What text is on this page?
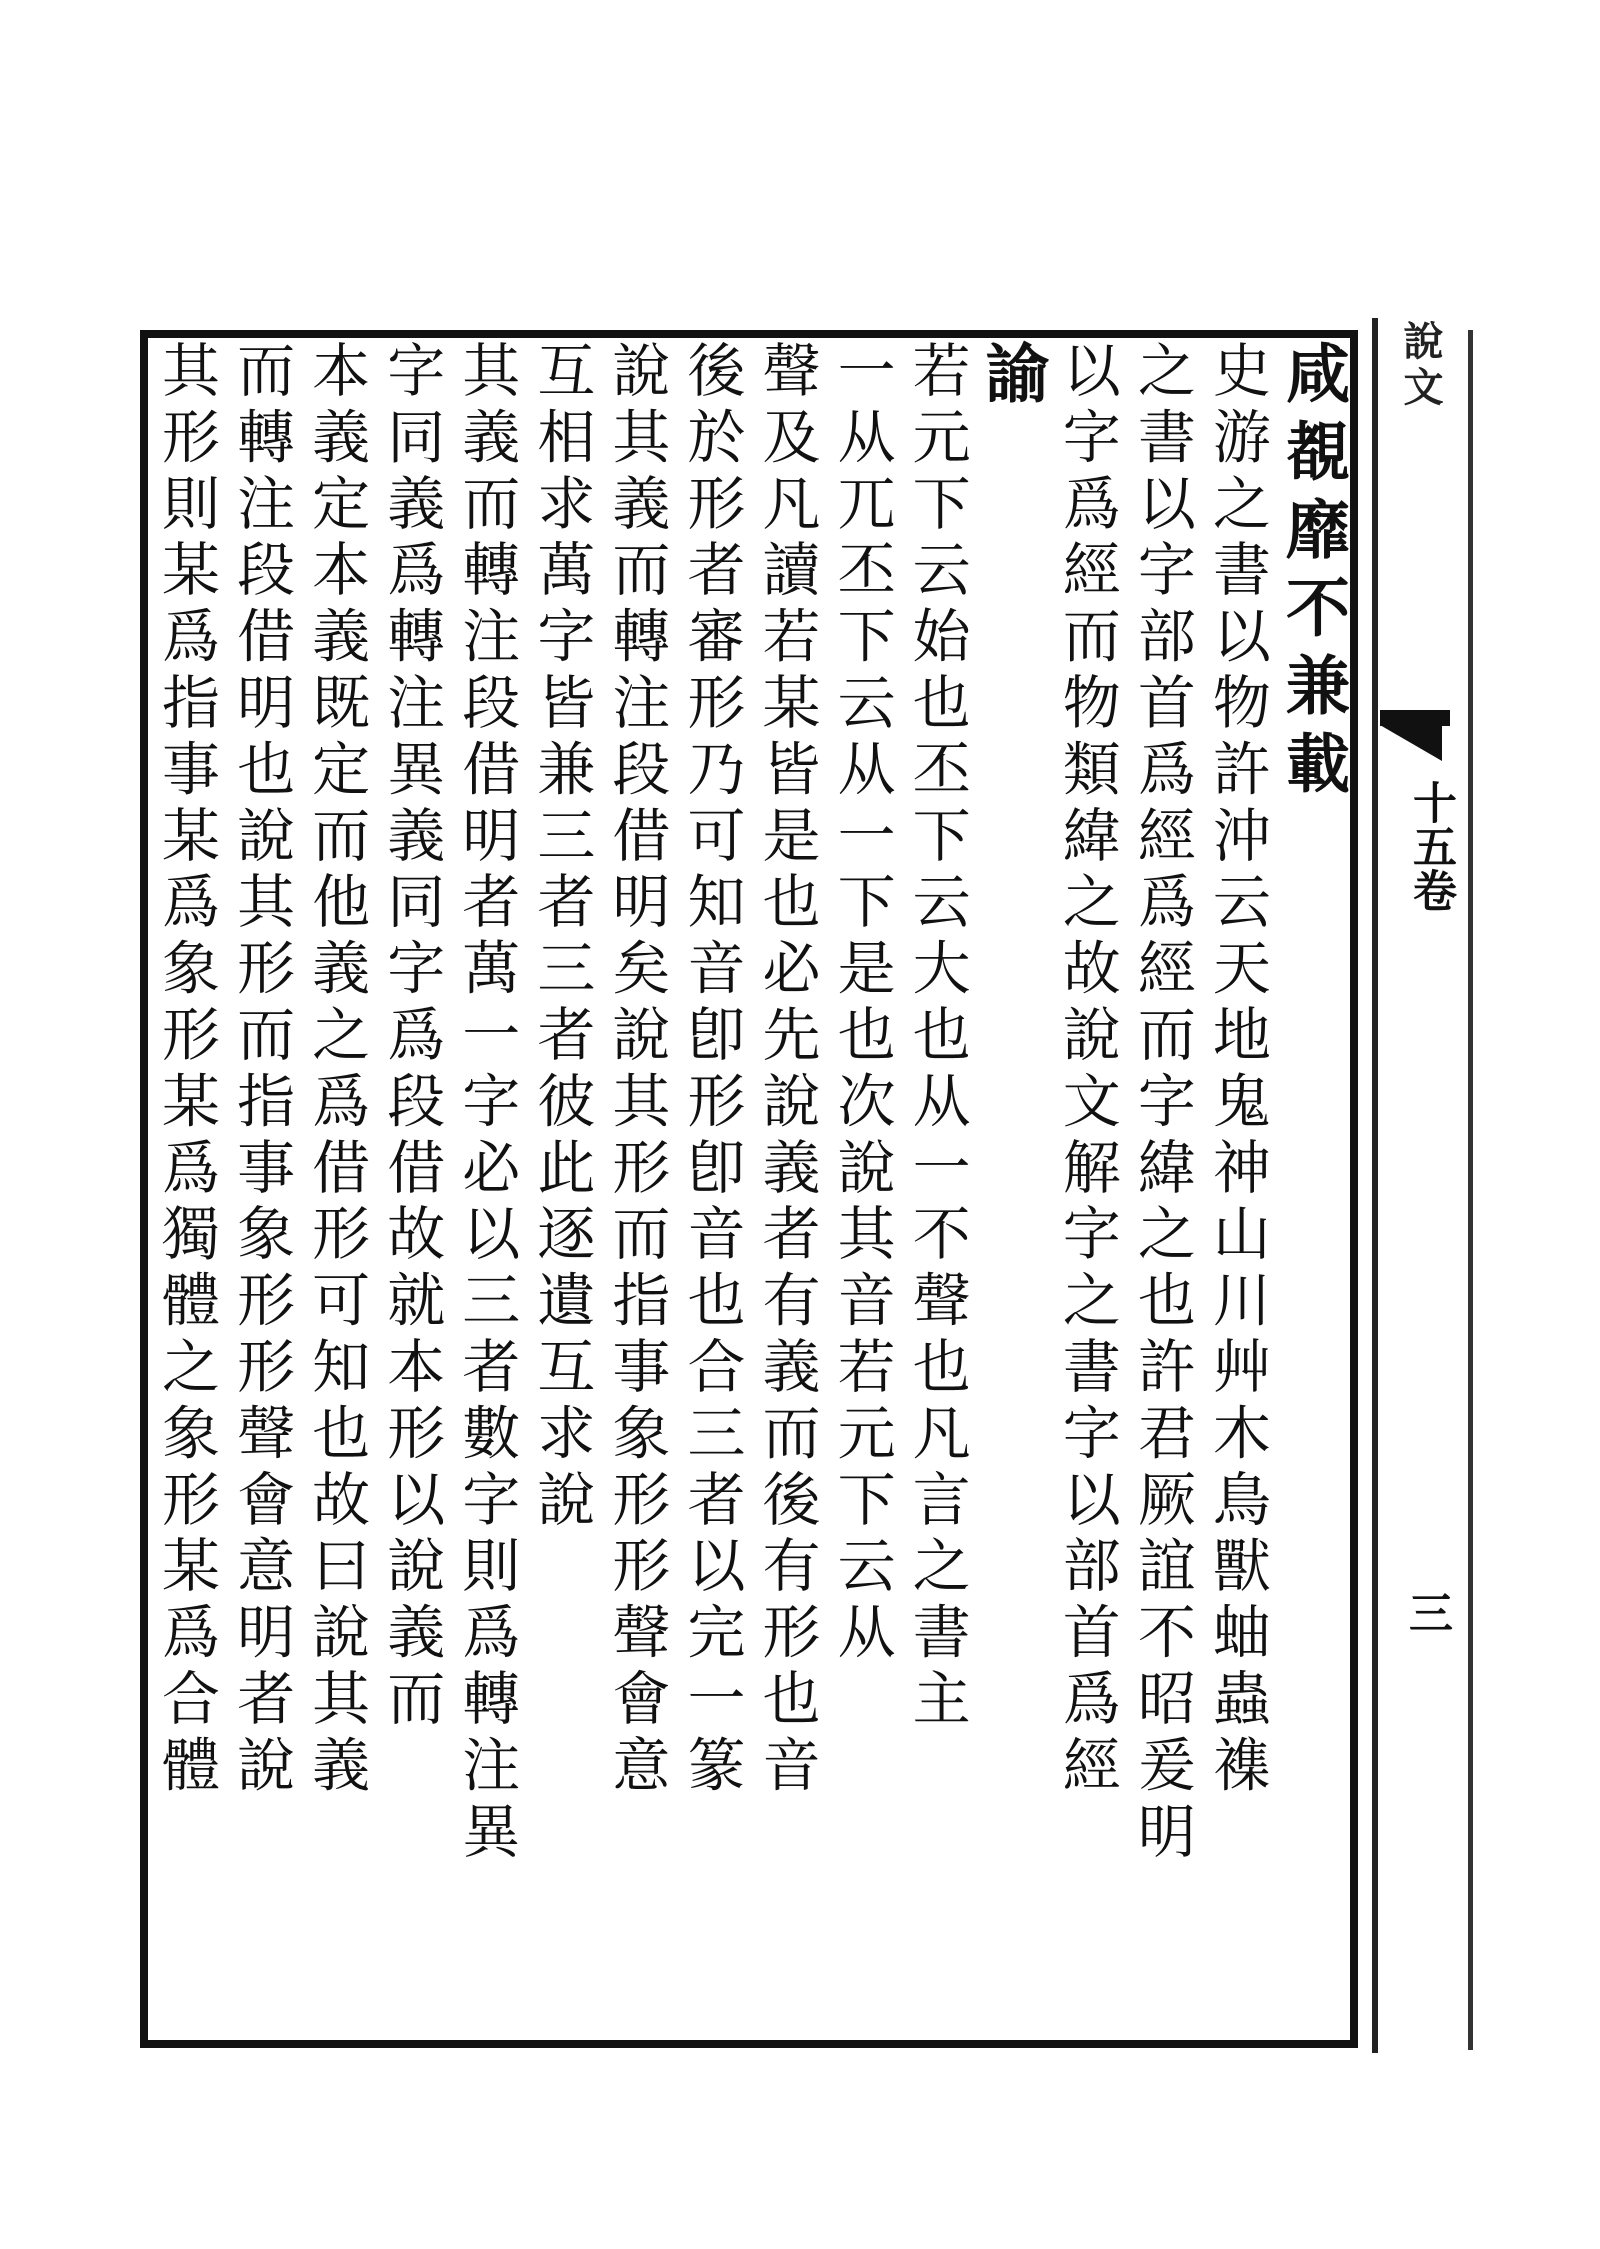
咸覩靡不兼載
史游之書以物許沖云天地鬼神山川艸木鳥獸蚰蟲襍
之書以字部首爲經爲經而字緯之也許君厥誼不昭爰明
以字爲經而物類緯之故說文解字之書字以部首爲經
諭
若元下云始也丕下云大也从一不聲也凡言之書主
一从兀丕下云从一下是也次說其音若元下云从
聲及凡讀若某皆是也必先說義者有義而後有形也音
後於形者審形乃可知音卽形卽音也合三者以完一篆
說其義而轉注段借明矣說其形而指事象形形聲會意
互相求萬字皆兼三者三者彼此逐遺互求說
其義而轉注段借明者萬一字必以三者數字則爲轉注異
字同義爲轉注異義同字爲段借故就本形以說義而
本義定本義既定而他義之爲借形可知也故曰說其義
而轉注段借明也說其形而指事象形形聲會意明者說
其形則某爲指事某爲象形某爲獨體之象形某爲合體	說文
十五卷
三
